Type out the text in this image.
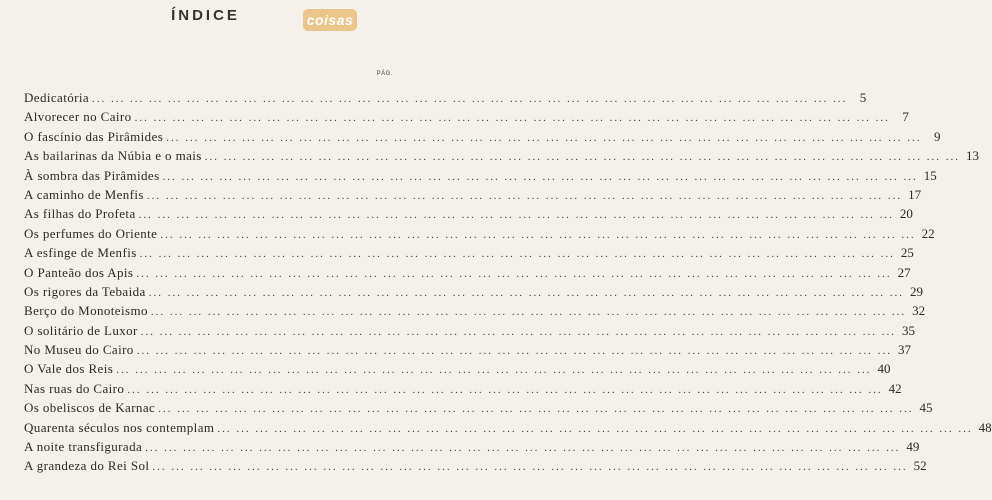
ÍNDICE	coisas
PÁG.
Dedicatória ... ... ... ... ... ... ... ... ... ... ... ... ... ... ... ... ... ... ... ... ... ... ... ... ... ... ... ... ... ... ... ... ... ... ... ... ... ... ... ... 5
Alvorecer no Cairo ... ... ... ... ... ... ... ... ... ... ... ... ... ... ... ... ... ... ... ... ... ... ... ... ... ... ... ... ... ... ... ... ... ... ... ... ... ... ... ... 7
O fascínio das Pirâmides ... ... ... ... ... ... ... ... ... ... ... ... ... ... ... ... ... ... ... ... ... ... ... ... ... ... ... ... ... ... ... ... ... ... ... ... ... ... ... ... 9
As bailarinas da Núbia e o mais ... ... ... ... ... ... ... ... ... ... ... ... ... ... ... ... ... ... ... ... ... ... ... ... ... ... ... ... ... ... ... ... ... ... ... ... ... ... ... ... 13
À sombra das Pirâmides ... ... ... ... ... ... ... ... ... ... ... ... ... ... ... ... ... ... ... ... ... ... ... ... ... ... ... ... ... ... ... ... ... ... ... ... ... ... ... ... 15
A caminho de Menfis ... ... ... ... ... ... ... ... ... ... ... ... ... ... ... ... ... ... ... ... ... ... ... ... ... ... ... ... ... ... ... ... ... ... ... ... ... ... ... ... 17
As filhas do Profeta ... ... ... ... ... ... ... ... ... ... ... ... ... ... ... ... ... ... ... ... ... ... ... ... ... ... ... ... ... ... ... ... ... ... ... ... ... ... ... ... 20
Os perfumes do Oriente ... ... ... ... ... ... ... ... ... ... ... ... ... ... ... ... ... ... ... ... ... ... ... ... ... ... ... ... ... ... ... ... ... ... ... ... ... ... ... ... 22
A esfinge de Menfis ... ... ... ... ... ... ... ... ... ... ... ... ... ... ... ... ... ... ... ... ... ... ... ... ... ... ... ... ... ... ... ... ... ... ... ... ... ... ... ... 25
O Panteão dos Apis ... ... ... ... ... ... ... ... ... ... ... ... ... ... ... ... ... ... ... ... ... ... ... ... ... ... ... ... ... ... ... ... ... ... ... ... ... ... ... ... 27
Os rigores da Tebaida ... ... ... ... ... ... ... ... ... ... ... ... ... ... ... ... ... ... ... ... ... ... ... ... ... ... ... ... ... ... ... ... ... ... ... ... ... ... ... ... 29
Berço do Monoteismo ... ... ... ... ... ... ... ... ... ... ... ... ... ... ... ... ... ... ... ... ... ... ... ... ... ... ... ... ... ... ... ... ... ... ... ... ... ... ... ... 32
O solitário de Luxor ... ... ... ... ... ... ... ... ... ... ... ... ... ... ... ... ... ... ... ... ... ... ... ... ... ... ... ... ... ... ... ... ... ... ... ... ... ... ... ... 35
No Museu do Cairo ... ... ... ... ... ... ... ... ... ... ... ... ... ... ... ... ... ... ... ... ... ... ... ... ... ... ... ... ... ... ... ... ... ... ... ... ... ... ... ... 37
O Vale dos Reis ... ... ... ... ... ... ... ... ... ... ... ... ... ... ... ... ... ... ... ... ... ... ... ... ... ... ... ... ... ... ... ... ... ... ... ... ... ... ... ... 40
Nas ruas do Cairo ... ... ... ... ... ... ... ... ... ... ... ... ... ... ... ... ... ... ... ... ... ... ... ... ... ... ... ... ... ... ... ... ... ... ... ... ... ... ... ... 42
Os obeliscos de Karnac ... ... ... ... ... ... ... ... ... ... ... ... ... ... ... ... ... ... ... ... ... ... ... ... ... ... ... ... ... ... ... ... ... ... ... ... ... ... ... ... 45
Quarenta séculos nos contemplam ... ... ... ... ... ... ... ... ... ... ... ... ... ... ... ... ... ... ... ... ... ... ... ... ... ... ... ... ... ... ... ... ... ... ... ... ... ... ... ... 48
A noite transfigurada ... ... ... ... ... ... ... ... ... ... ... ... ... ... ... ... ... ... ... ... ... ... ... ... ... ... ... ... ... ... ... ... ... ... ... ... ... ... ... ... 49
A grandeza do Rei Sol ... ... ... ... ... ... ... ... ... ... ... ... ... ... ... ... ... ... ... ... ... ... ... ... ... ... ... ... ... ... ... ... ... ... ... ... ... ... ... ... 52
